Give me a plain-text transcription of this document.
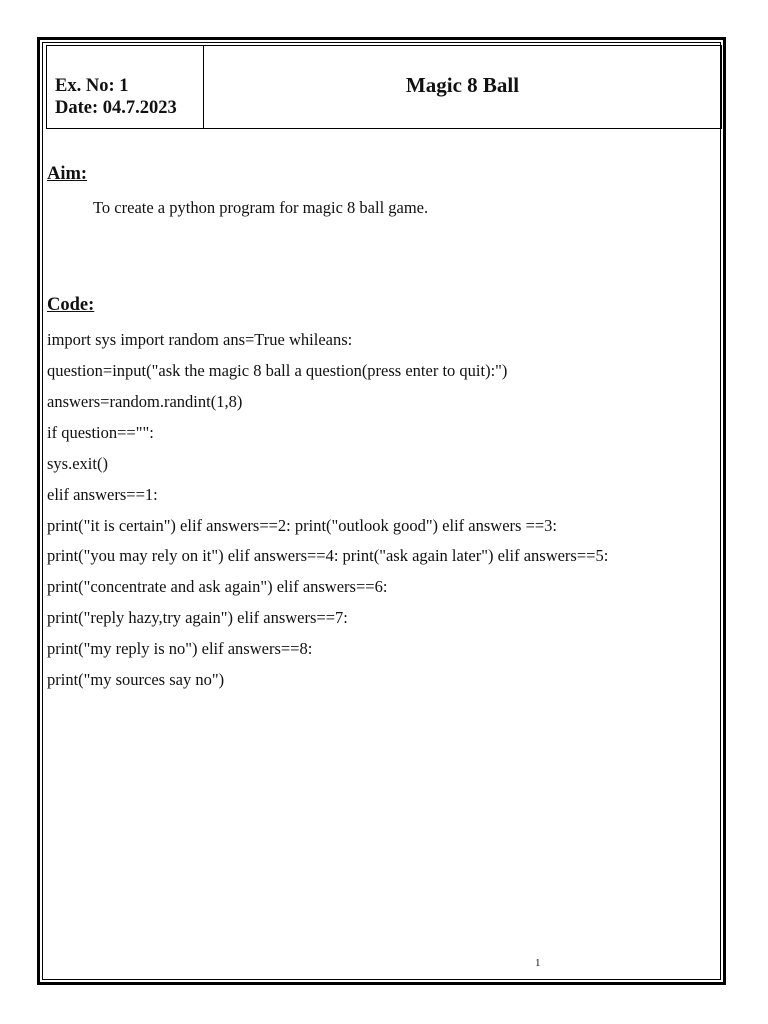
Ex. No: 1
Date: 04.7.2023
Magic 8 Ball
Aim:
To create a python program for magic 8 ball game.
Code:
import sys import random ans=True whileans:
question=input("ask the magic 8 ball a question(press enter to quit):")
answers=random.randint(1,8)
if question=="":
sys.exit()
elif answers==1:
print("it is certain") elif answers==2: print("outlook good") elif answers ==3:
print("you may rely on it") elif answers==4: print("ask again later") elif answers==5:
print("concentrate and ask again") elif answers==6:
print("reply hazy,try again") elif answers==7:
print("my reply is no") elif answers==8:
print("my sources say no")
1
